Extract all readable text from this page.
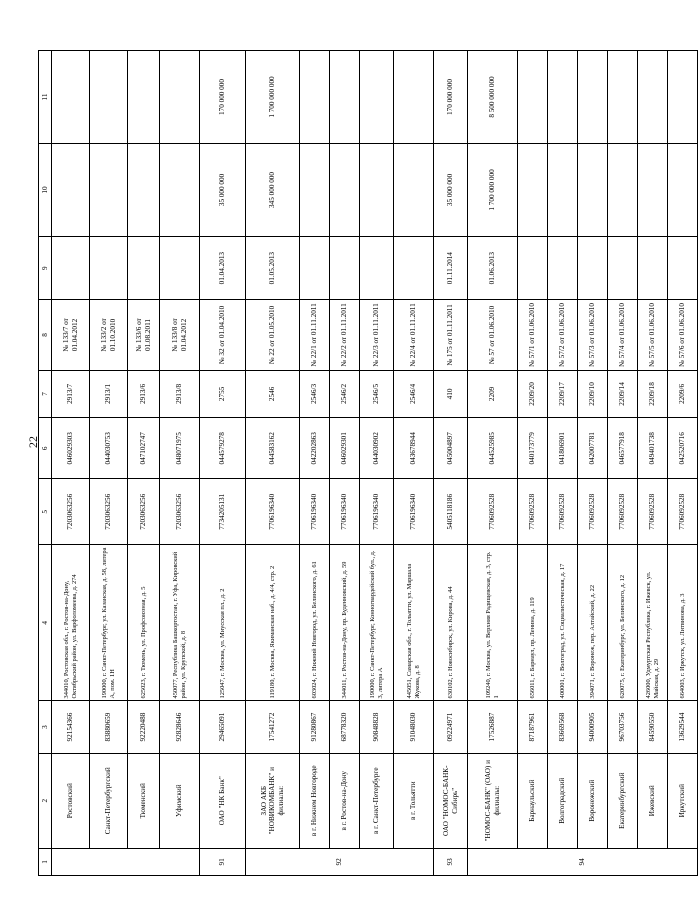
22
1	2	3	4	5	6	7	8	9	10	11
	Ростовский	92154366	344010, Ростовская обл., г. Ростов-на-Дону, Октябрьский район, ул. Варфоломеева, д. 274	7203063256	046029303	2913/7	№ 133/7 от 01.04.2012			
	Санкт-Петербургский	83880659	190000, г. Санкт-Петербург, ул. Казанская, д. 58, литера А, пом. 1Н	7203063256	044030753	2913/1	№ 133/2 от 01.10.2010			
	Тюменский	92220488	625023, г. Тюмень, ул. Профсоюзная, д. 5	7203063256	047102747	2913/6	№ 133/6 от 01.08.2011			
	Уфимский	92828646	450077, Республика Башкортостан, г. Уфа, Кировский район, ул. Крупской, д. 8	7203063256	048071975	2913/8	№ 133/8 от 01.04.2012			
91	ОАО "НК Банк"	29465091	125047, г. Москва, ул. Миусская пл., д. 2	7734205131	044579278	2755	№ 32 от 01.04.2010	01.04.2013	35 000 000	170 000 000
92	ЗАО АКБ "НОВИКОМБАНК" и филиалы:	17541272	119180, г. Москва, Якиманская наб., д. 4/4, стр. 2	7706196340	044583162	2546	№ 22 от 01.05.2010	01.05.2013	345 000 000	1 700 000 000
	в г. Нижнем Новгороде	91280867	603024, г. Нижний Новгород, ул. Белинского, д. 61	7706196340	042202863	2546/3	№ 22/1 от 01.11.2011			
	в г. Ростов-на-Дону	68778320	344011, г. Ростов-на-Дону, пр. Буденновский, д. 59	7706196340	046029301	2546/2	№ 22/2 от 01.11.2011			
	в г. Санкт-Петербурге	90848828	190000, г. Санкт-Петербург, Конногвардейский бул., д. 3, литера А	7706196340	044030902	2546/5	№ 22/3 от 01.11.2011			
	в г. Тольятти	91048030	445051, Самарская обл., г. Тольятти, ул. Маршала Жукова, д. 8	7706196340	043678944	2546/4	№ 22/4 от 01.11.2011			
93	ОАО "НОМОС-БАНК-Сибирь"	09224971	630102, г. Новосибирск, ул. Кирова, д. 44	5405118186	045004897	410	№ 175 от 01.11.2011	01.11.2014	35 000 000	170 000 000
94	"НОМОС-БАНК" (ОАО) и филиалы:	17526887	109240, г. Москва, ул. Верхняя Радищевская, д. 3, стр. 1	7706092528	044525985	2209	№ 57 от 01.06.2010	01.06.2013	1 700 000 000	8 500 000 000
	Барнаульский	87187961	656011, г. Барнаул, пр. Ленина, д. 119	7706092528	040173779	2209/20	№ 57/1 от 01.06.2010			
	Волгоградский	83669568	400001, г. Волгоград, ул. Социалистическая, д. 17	7706092528	041806901	2209/17	№ 57/2 от 01.06.2010			
	Воронежский	94000905	394071, г. Воронеж, пер. Алтайский, д. 22	7706092528	042007781	2209/10	№ 57/3 от 01.06.2010			
	Екатеринбургский	96703756	620075, г. Екатеринбург, ул. Белинского, д. 12	7706092528	046577918	2209/14	№ 57/4 от 01.06.2010			
	Ижевский	84590550	426000, Удмуртская Республика, г. Ижевск, ул. Майская, д. 29	7706092528	049401738	2209/18	№ 57/5 от 01.06.2010			
	Иркутский	13629544	664003, г. Иркутск, ул. Литвинова, д. 3	7706092528	042520716	2209/6	№ 57/6 от 01.06.2010			
